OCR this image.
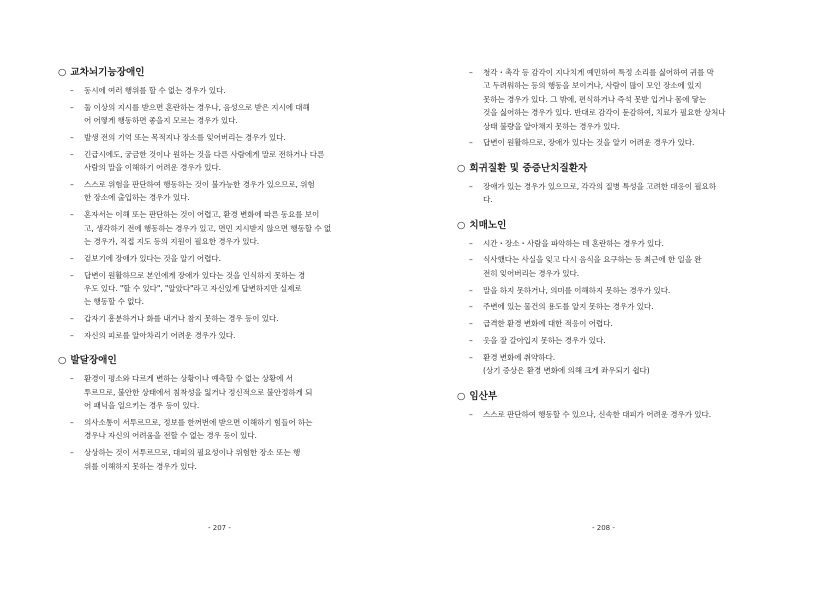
○ 교차뇌기능장애인
– 동시에 여러 행위를 할 수 없는 경우가 있다.
– 둘 이상의 지시를 받으면 혼란하는 경우나, 음성으로 받은 지시에 대해
어 어떻게 행동하면 좋을지 모르는 경우가 있다.
– 발생 전의 기억 또는 목적지나 장소를 잊어버리는 경우가 있다.
– 긴급시에도, 궁금한 것이나 원하는 것을 다른 사람에게 말로 전하거나 다른
사람의 말을 이해하기 어려운 경우가 있다.
– 스스로 위험을 판단하여 행동하는 것이 불가능한 경우가 있으므로, 위험
한 장소에 출입하는 경우가 있다.
– 혼자서는 이해 또는 판단하는 것이 어렵고, 환경 변화에 따른 동요를 보이
고, 생각하기 전에 행동하는 경우가 있고, 면민 지시받지 않으면 행동할 수 없
는 경우가, 직접 지도 등의 지원이 필요한 경우가 있다.
– 겉보기에 장애가 있다는 것을 알기 어렵다.
– 답변이 원활하므로 본인에게 장애가 있다는 것을 인식하지 못하는 경
우도 있다. "할 수 있다", "알았다"라고 자신있게 답변하지만 실제로
는 행동할 수 없다.
– 갑자기 흥분하거나 화를 내거나 참지 못하는 경우 등이 있다.
– 자신의 피로를 알아차리기 어려운 경우가 있다.
○ 발달장애인
– 환경이 평소와 다르게 변하는 상황이나 예측할 수 없는 상황에 서
투르므로, 불안한 상태에서 침착성을 잃거나 정신적으로 불안정하게 되
어 패닉을 일으키는 경우 등이 있다.
– 의사소통이 서투르므로, 정보를 한꺼번에 받으면 이해하기 힘들어 하는
경우나 자신의 어려움을 전할 수 없는 경우 등이 있다.
– 상상하는 것이 서투르므로, 대피의 필요성이나 위험한 장소 또는 행
위를 이해하지 못하는 경우가 있다.
– 청각・촉각 등 감각이 지나치게 예민하여 특정 소리를 싫어하여 귀를 막
고 두려워하는 등의 행동을 보이거나, 사람이 많이 모인 장소에 있지
못하는 경우가 있다. 그 밖에, 편식하거나 즉석 못받 입거나 몸에 닿는
것을 싫어하는 경우가 있다. 반대로 감각이 둔감하여, 치료가 필요한 상처나
상태 불량을 알아채지 못하는 경우가 있다.
– 답변이 원활하므로, 장애가 있다는 것을 알기 어려운 경우가 있다.
○ 희귀질환 및 중증난치질환자
– 장애가 있는 경우가 있으므로, 각각의 질병 특성을 고려한 대응이 필요하
다.
○ 치매노인
– 시간・장소・사람을 파악하는 데 혼란하는 경우가 있다.
– 식사했다는 사실을 잊고 다시 음식을 요구하는 등 최근에 한 일을 완
전히 잊어버리는 경우가 있다.
– 말을 하지 못하거나, 의미를 이해하지 못하는 경우가 있다.
– 주변에 있는 물건의 용도를 알지 못하는 경우가 있다.
– 급격한 환경 변화에 대한 적응이 어렵다.
– 옷을 잘 갈아입지 못하는 경우가 있다.
– 환경 변화에 취약하다.
(상기 증상은 환경 변화에 의해 크게 좌우되기 쉽다)
○ 임산부
– 스스로 판단하여 행동할 수 있으나, 신속한 대피가 어려운 경우가 있다.
- 207 -	- 208 -
